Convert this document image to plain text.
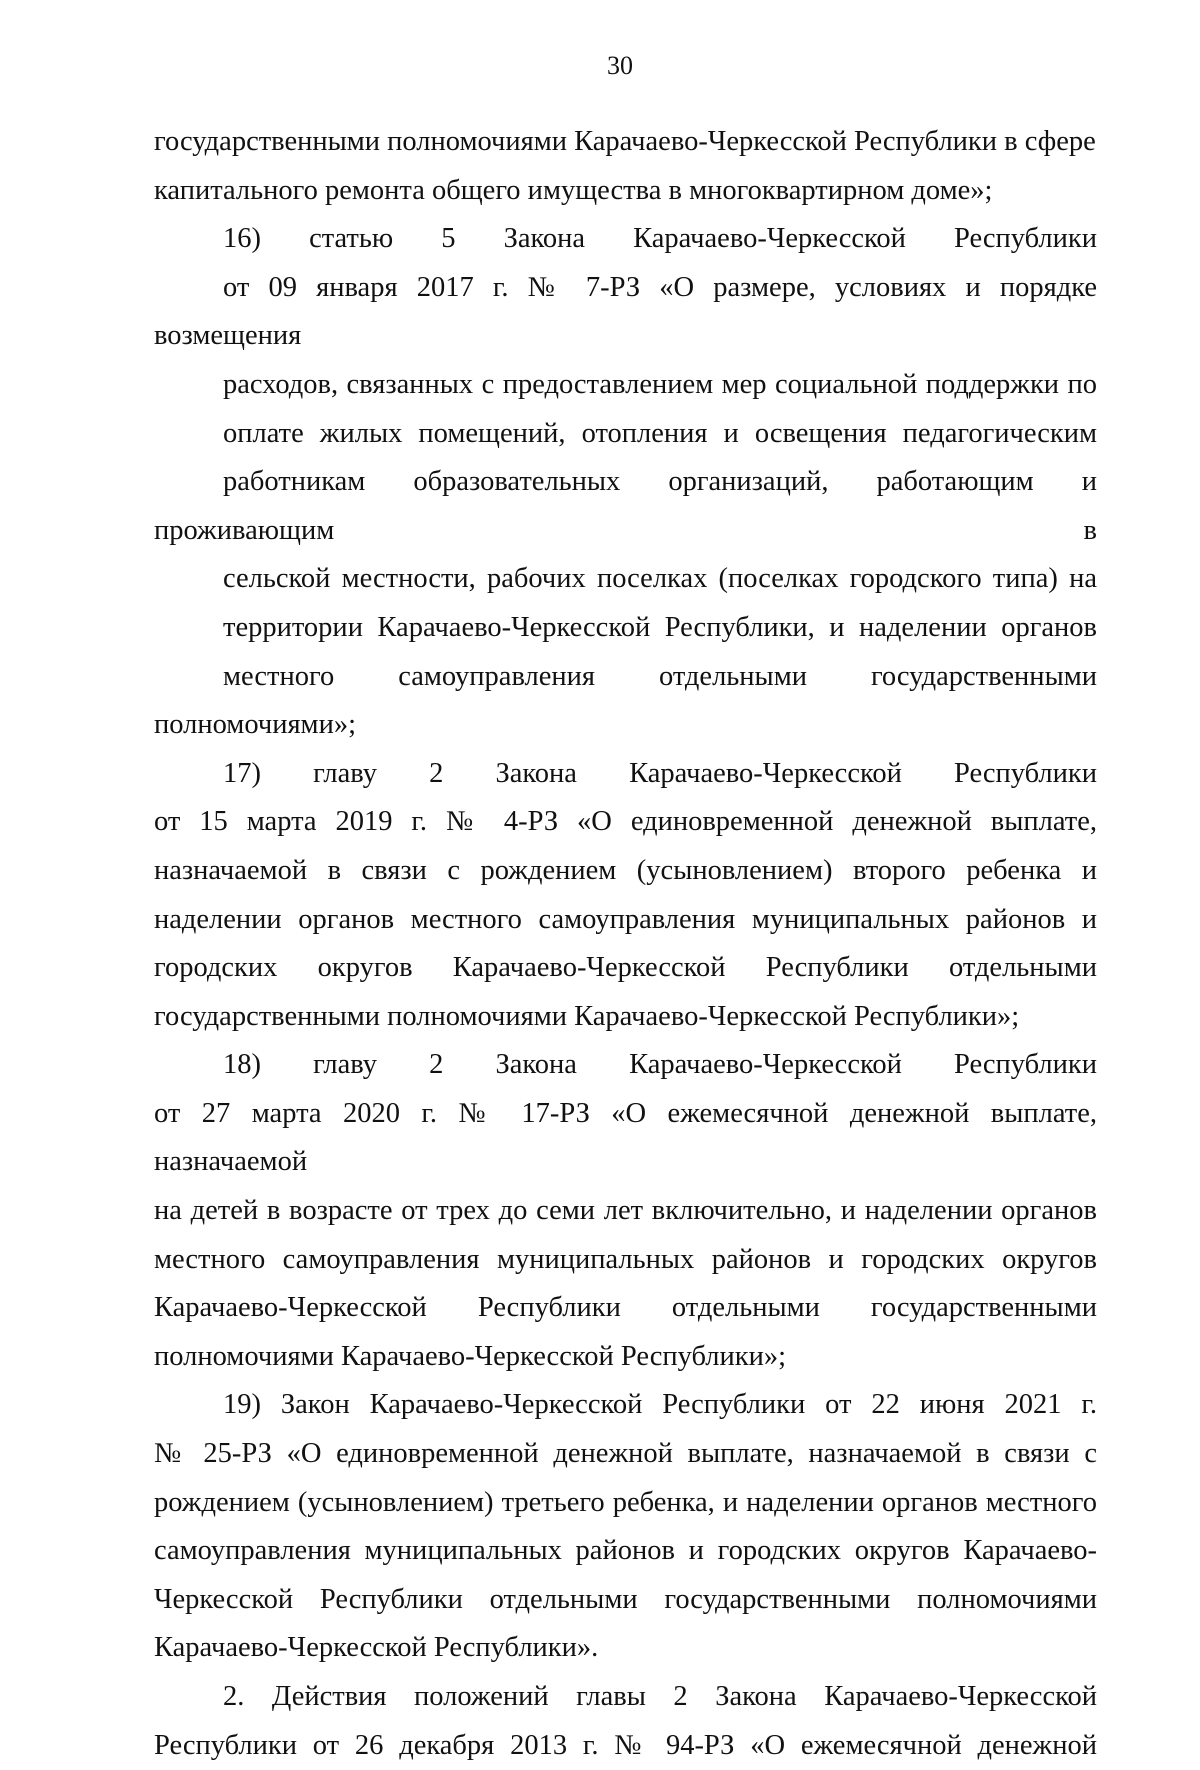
30
государственными полномочиями Карачаево-Черкесской Республики в сфере
капитального ремонта общего имущества в многоквартирном доме»;
16) статью 5 Закона Карачаево-Черкесской Республики
от 09 января 2017 г. № 7-РЗ «О размере, условиях и порядке возмещения
расходов, связанных с предоставлением мер социальной поддержки по
оплате жилых помещений, отопления и освещения педагогическим
работникам образовательных организаций, работающим и проживающим в
сельской местности, рабочих поселках (поселках городского типа) на
территории Карачаево-Черкесской Республики, и наделении органов
местного самоуправления отдельными государственными полномочиями»;
17) главу 2 Закона Карачаево-Черкесской Республики
от 15 марта 2019 г. № 4-РЗ «О единовременной денежной выплате,
назначаемой в связи с рождением (усыновлением) второго ребенка и
наделении органов местного самоуправления муниципальных районов и
городских округов Карачаево-Черкесской Республики отдельными
государственными полномочиями Карачаево-Черкесской Республики»;
18) главу 2 Закона Карачаево-Черкесской Республики
от 27 марта 2020 г. № 17-РЗ «О ежемесячной денежной выплате, назначаемой
на детей в возрасте от трех до семи лет включительно, и наделении органов
местного самоуправления муниципальных районов и городских округов
Карачаево-Черкесской Республики отдельными государственными
полномочиями Карачаево-Черкесской Республики»;
19) Закон Карачаево-Черкесской Республики от 22 июня 2021 г.
№ 25-РЗ «О единовременной денежной выплате, назначаемой в связи с
рождением (усыновлением) третьего ребенка, и наделении органов местного
самоуправления муниципальных районов и городских округов Карачаево-
Черкесской Республики отдельными государственными полномочиями
Карачаево-Черкесской Республики».
2. Действия положений главы 2 Закона Карачаево-Черкесской
Республики от 26 декабря 2013 г. № 94-РЗ «О ежемесячной денежной
